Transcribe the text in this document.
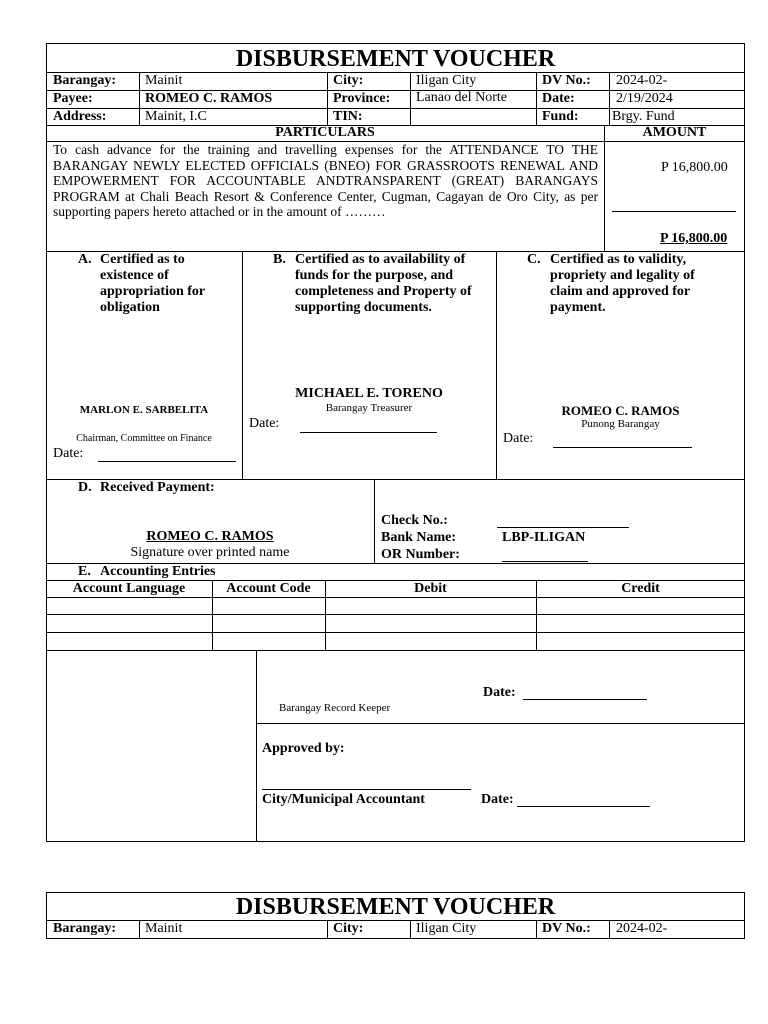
DISBURSEMENT VOUCHER
Barangay: Mainit	City:	Iligan City	DV No.: 2024-02-
Payee:	ROMEO C. RAMOS	Province: Lanao del Norte	Date:	2/19/2024
Address:	Mainit, I.C	TIN:	Fund: Brgy. Fund
PARTICULARS	AMOUNT
To cash advance for the training and travelling expenses for the ATTENDANCE TO THE BARANGAY NEWLY ELECTED OFFICIALS (BNEO) FOR GRASSROOTS RENEWAL AND EMPOWERMENT FOR ACCOUNTABLE ANDTRANSPARENT (GREAT) BARANGAYS PROGRAM at Chali Beach Resort & Conference Center, Cugman, Cagayan de Oro City, as per supporting papers hereto attached or in the amount of ………
P 16,800.00
P 16,800.00
A. Certified as to existence of appropriation for obligation
MARLON E. SARBELITA
Chairman, Committee on Finance
Date:
B. Certified as to availability of funds for the purpose, and completeness and Property of supporting documents.
MICHAEL E. TORENO
Barangay Treasurer
Date:
C. Certified as to validity, propriety and legality of claim and approved for payment.
ROMEO C. RAMOS
Punong Barangay
Date:
D. Received Payment:
ROMEO C. RAMOS
Signature over printed name
Check No.:
Bank Name:	LBP-ILIGAN
OR Number:
E. Accounting Entries
Account Language	Account Code	Debit	Credit
Date:
Barangay Record Keeper
Approved by:
City/Municipal Accountant	Date:
DISBURSEMENT VOUCHER
Barangay: Mainit	City:	Iligan City	DV No.: 2024-02-
